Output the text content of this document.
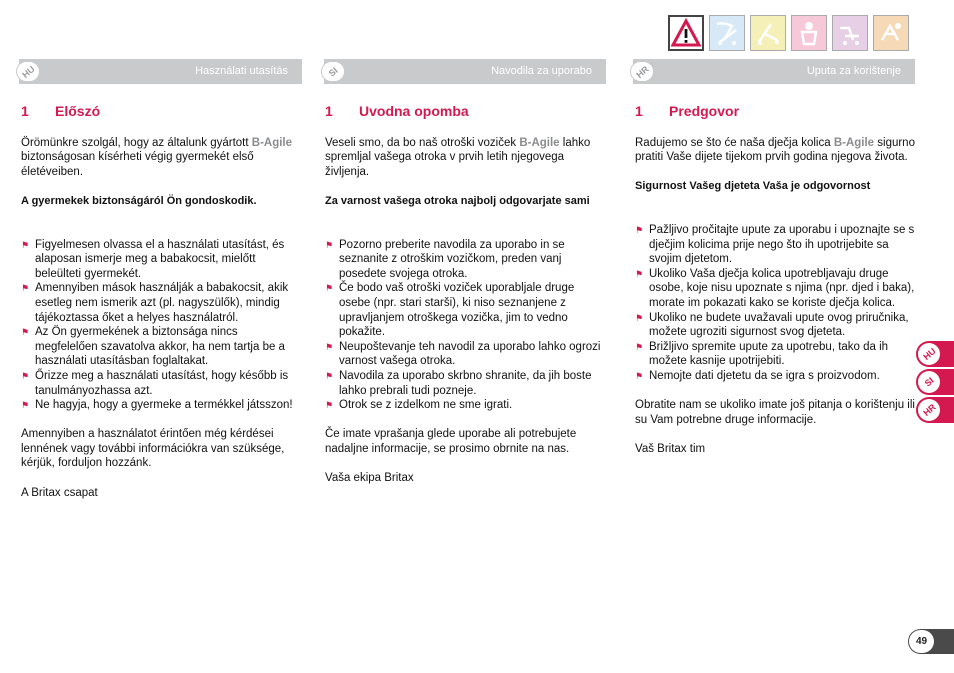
HU	Használati utasítás	SI	Navodila za uporabo	HR	Uputa za korištenje
1	Előszó

Örömünkre szolgál, hogy az általunk gyártott B-Agile biztonságosan kísérheti végig gyermekét első életéveiben.

A gyermekek biztonságáról Ön gondoskodik.

⚑ Figyelmesen olvassa el a használati utasítást, és alaposan ismerje meg a babakocsit, mielőtt beleülteti gyermekét.
⚑ Amennyiben mások használják a babakocsit, akik esetleg nem ismerik azt (pl. nagyszülők), mindig tájékoztassa őket a helyes használatról.
⚑ Az Ön gyermekének a biztonsága nincs megfelelően szavatolva akkor, ha nem tartja be a használati utasításban foglaltakat.
⚑ Őrizze meg a használati utasítást, hogy később is tanulmányozhassa azt.
⚑ Ne hagyja, hogy a gyermeke a termékkel játsszon!

Amennyiben a használatot érintően még kérdései lennének vagy további információkra van szüksége, kérjük, forduljon hozzánk.

A Britax csapat

1	Uvodna opomba

Veseli smo, da bo naš otroški voziček B-Agile lahko spremljal vašega otroka v prvih letih njegovega življenja.

Za varnost vašega otroka najbolj odgovarjate sami

⚑ Pozorno preberite navodila za uporabo in se seznanite z otroškim vozičkom, preden vanj posedete svojega otroka.
⚑ Če bodo vaš otroški voziček uporabljale druge osebe (npr. stari starši), ki niso seznanjene z upravljanjem otroškega vozička, jim to vedno pokažite.
⚑ Neupoštevanje teh navodil za uporabo lahko ogrozi varnost vašega otroka.
⚑ Navodila za uporabo skrbno shranite, da jih boste lahko prebrali tudi pozneje.
⚑ Otrok se z izdelkom ne sme igrati.

Če imate vprašanja glede uporabe ali potrebujete nadaljne informacije, se prosimo obrnite na nas.

Vaša ekipa Britax

1	Predgovor

Radujemo se što će naša dječja kolica B-Agile sigurno pratiti Vaše dijete tijekom prvih godina njegova života.

Sigurnost Vašeg djeteta Vaša je odgovornost

⚑ Pažljivo pročitajte upute za uporabu i upoznajte se s dječjim kolicima prije nego što ih upotrijebite sa svojim djetetom.
⚑ Ukoliko Vaša dječja kolica upotrebljavaju druge osobe, koje nisu upoznate s njima (npr. djed i baka), morate im pokazati kako se koriste dječja kolica.
⚑ Ukoliko ne budete uvažavali upute ovog priručnika, možete ugroziti sigurnost svog djeteta.
⚑ Brižljivo spremite upute za upotrebu, tako da ih možete kasnije upotrijebiti.
⚑ Nemojte dati djetetu da se igra s proizvodom.

Obratite nam se ukoliko imate još pitanja o korištenju ili su Vam potrebne druge informacije.

Vaš Britax tim

HU
SI
HR
49
